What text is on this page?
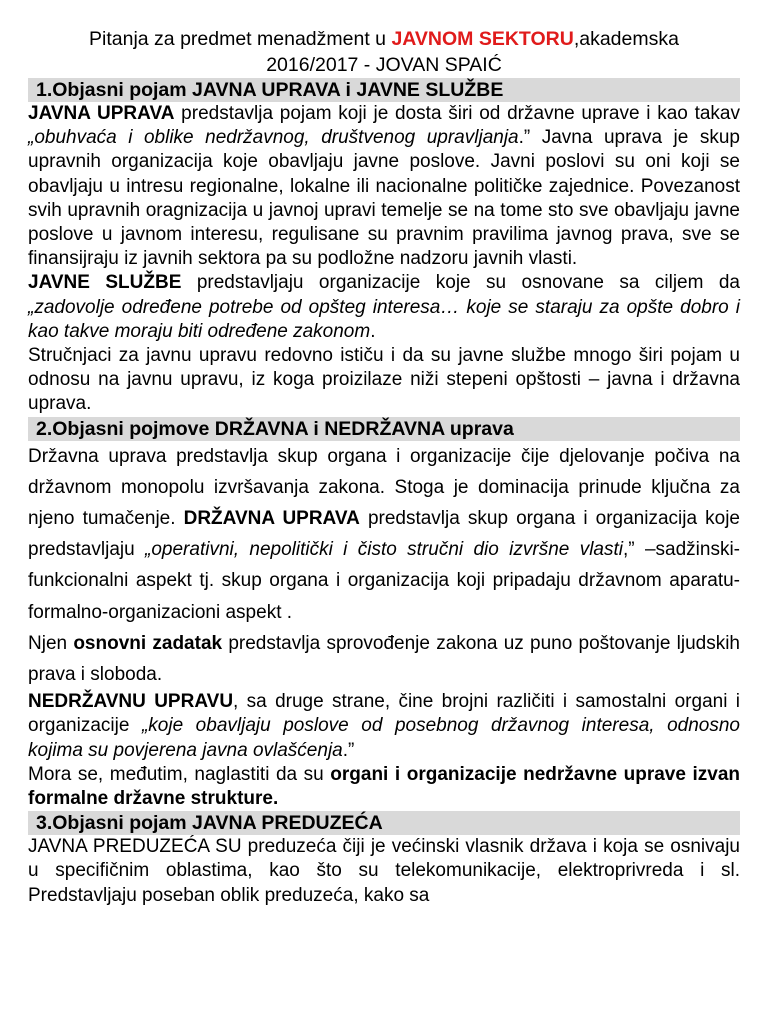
Pitanja za predmet menadžment u JAVNOM SEKTORU,akademska
2016/2017 - JOVAN SPAIĆ
1.Objasni pojam JAVNA UPRAVA i JAVNE SLUŽBE

JAVNA UPRAVA predstavlja pojam koji je dosta širi od državne uprave i kao takav „obuhvaća i oblike nedržavnog, društvenog upravljanja.” Javna uprava je skup upravnih organizacija koje obavljaju javne poslove. Javni poslovi su oni koji se obavljaju u intresu regionalne, lokalne ili nacionalne političke zajednice. Povezanost svih upravnih oragnizacija u javnoj upravi temelje se na tome sto sve obavljaju javne poslove u javnom interesu, regulisane su pravnim pravilima javnog prava, sve se finansijraju iz javnih sektora pa su podložne nadzoru javnih vlasti.

JAVNE SLUŽBE predstavljaju organizacije koje su osnovane sa ciljem da „zadovolje određene potrebe od opšteg interesa… koje se staraju za opšte dobro i kao takve moraju biti određene zakonom.

Stručnjaci za javnu upravu redovno ističu i da su javne službe mnogo širi pojam u odnosu na javnu upravu, iz koga proizilaze niži stepeni opštosti – javna i državna uprava.

2.Objasni pojmove DRŽAVNA i NEDRŽAVNA uprava

Državna uprava predstavlja skup organa i organizacije čije djelovanje počiva na državnom monopolu izvršavanja zakona. Stoga je dominacija prinude ključna za njeno tumačenje. DRŽAVNA UPRAVA predstavlja skup organa i organizacija koje predstavljaju „operativni, nepolitički i čisto stručni dio izvršne vlasti,” –sadžinski-funkcionalni aspekt tj. skup organa i organizacija koji pripadaju državnom aparatu-formalno-organizacioni aspekt .

Njen osnovni zadatak predstavlja sprovođenje zakona uz puno poštovanje ljudskih prava i sloboda.

NEDRŽAVNU UPRAVU, sa druge strane, čine brojni različiti i samostalni organi i organizacije „koje obavljaju poslove od posebnog državnog interesa, odnosno kojima su povjerena javna ovlašćenja.”

Mora se, međutim, naglastiti da su organi i organizacije nedržavne uprave izvan formalne državne strukture.

3.Objasni pojam JAVNA PREDUZEĆA

JAVNA PREDUZEĆA SU preduzeća čiji je većinski vlasnik država i koja se osnivaju u specifičnim oblastima, kao što su telekomunikacije, elektroprivreda i sl. Predstavljaju poseban oblik preduzeća, kako sa
